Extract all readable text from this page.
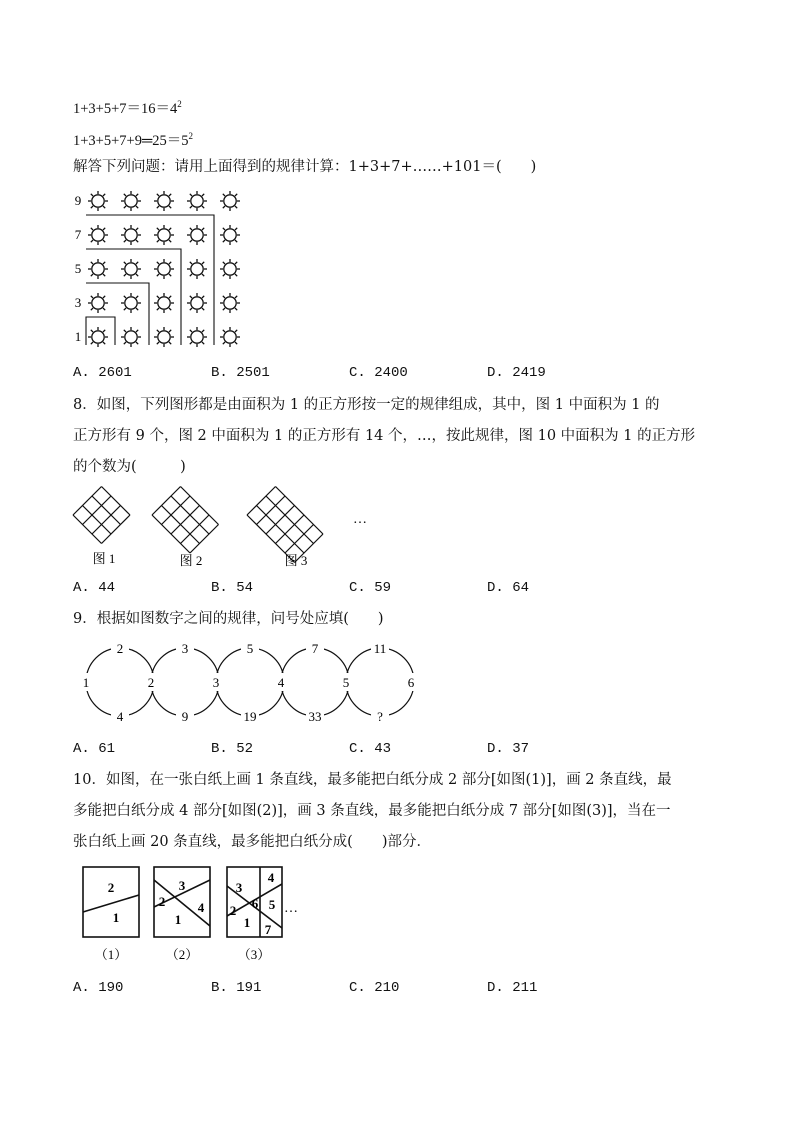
$1+3+5+7=16=4^2$
$1+3+5+7+9═25=5^2$
解答下列问题：请用上面得到的规律计算：1+3+7+……+101＝(　　)
9
7
5
3
1
A. 2601	B. 2501	C. 2400	D. 2419
8．如图，下列图形都是由面积为 1 的正方形按一定的规律组成，其中，图 1 中面积为 1 的
正方形有 9 个，图 2 中面积为 1 的正方形有 14 个，…，按此规律，图 10 中面积为 1 的正方形
的个数为(　　　)
图 1	图 2	图 3
…
A. 44	B. 54	C. 59	D. 64
9．根据如图数字之间的规律，问号处应填(　　)
2
4
3
9
5
19
7
33
11
?
1	2	3	4	5	6
A. 61	B. 52	C. 43	D. 37
10．如图，在一张白纸上画 1 条直线，最多能把白纸分成 2 部分[如图(1)]，画 2 条直线，最
多能把白纸分成 4 部分[如图(2)]，画 3 条直线，最多能把白纸分成 7 部分[如图(3)]，当在一
张白纸上画 20 条直线，最多能把白纸分成(　　)部分．
2
1
3
2	4
1
3
4
2 6 5
1 7
…
（1）	（2）	（3）
A. 190	B. 191	C. 210	D. 211
